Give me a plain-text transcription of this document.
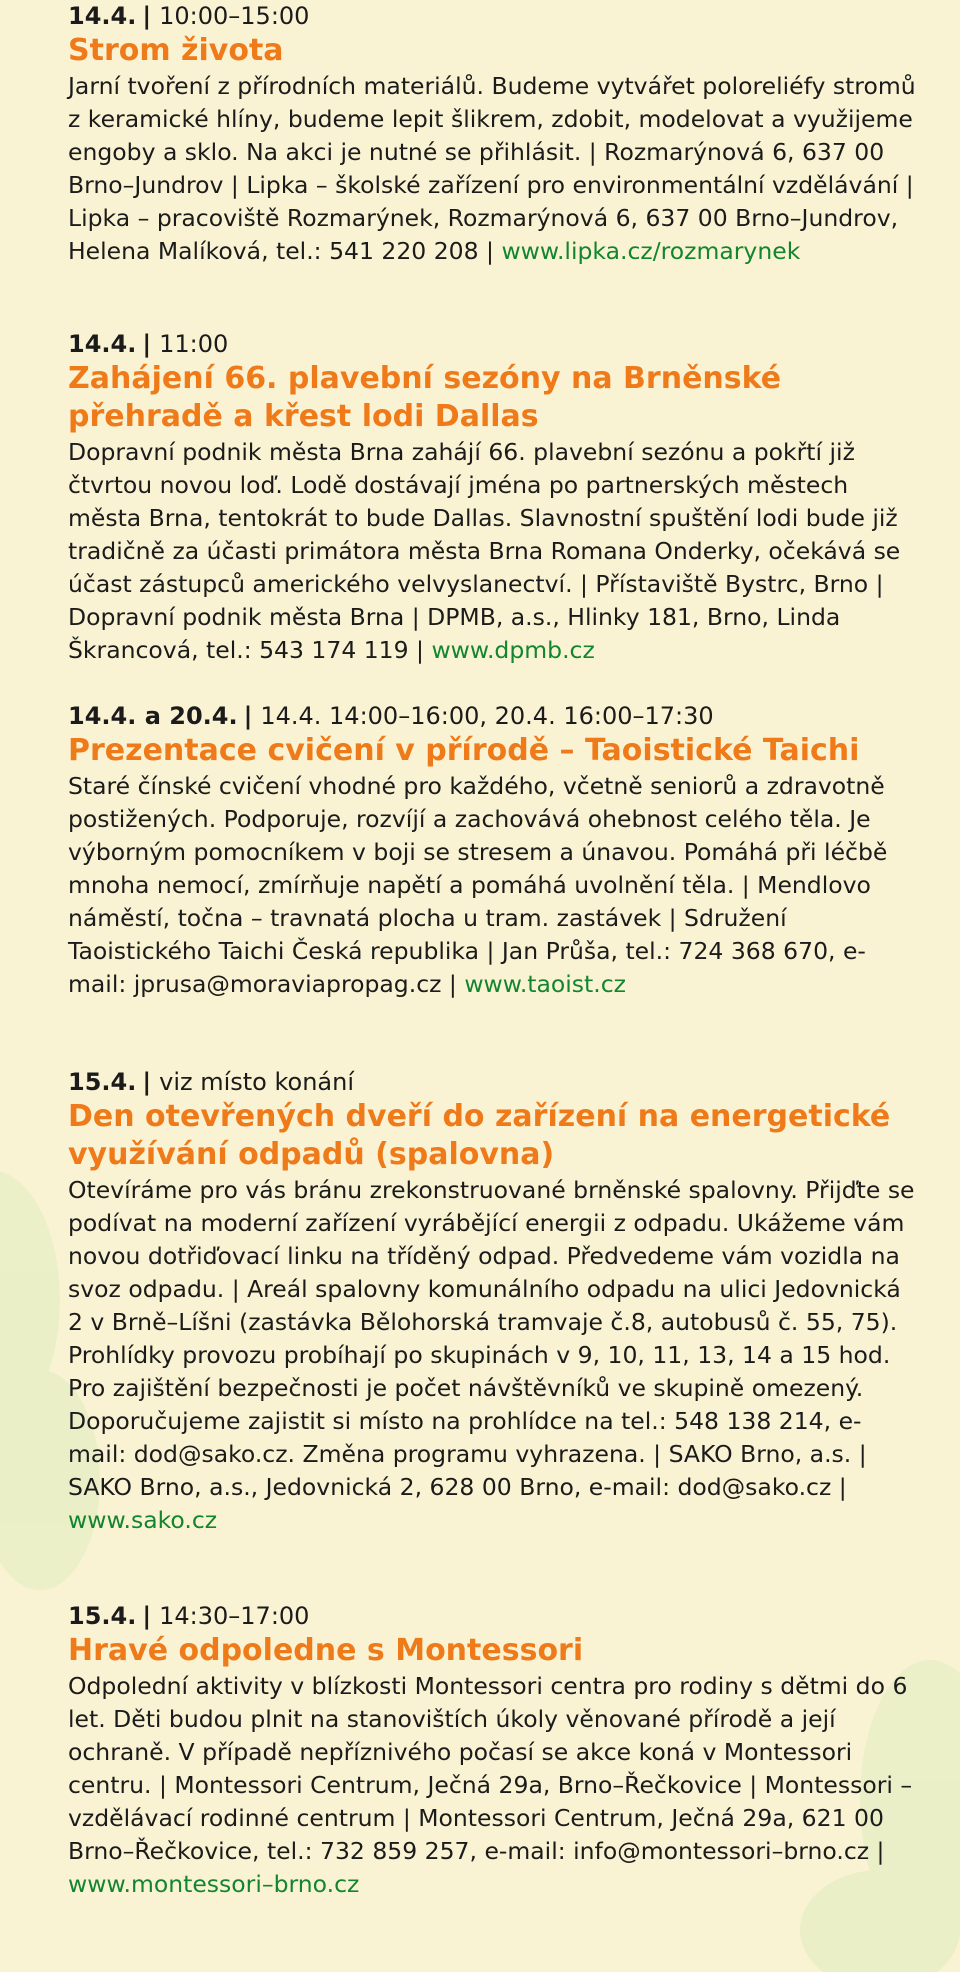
14.4. | 10:00–15:00

Strom života

Jarní tvoření z přírodních materiálů. Budeme vytvářet poloreliéfy stromů z keramické hlíny, budeme lepit šlikrem, zdobit, modelovat a využijeme engoby a sklo. Na akci je nutné se přihlásit. | Rozmarýnová 6, 637 00 Brno–Jundrov | Lipka – školské zařízení pro environmentální vzdělávání | Lipka – pracoviště Rozmarýnek, Rozmarýnová 6, 637 00 Brno–Jundrov, Helena Malíková, tel.: 541 220 208 | www.lipka.cz/rozmarynek

14.4. | 11:00

Zahájení 66. plavební sezóny na Brněnské přehradě a křest lodi Dallas

Dopravní podnik města Brna zahájí 66. plavební sezónu a pokřtí již čtvrtou novou loď. Lodě dostávají jména po partnerských městech města Brna, tentokrát to bude Dallas. Slavnostní spuštění lodi bude již tradičně za účasti primátora města Brna Romana Onderky, očekává se účast zástupců amerického velvyslanectví. | Přístaviště Bystrc, Brno | Dopravní podnik města Brna | DPMB, a.s., Hlinky 181, Brno, Linda Škrancová, tel.: 543 174 119 | www.dpmb.cz

14.4. a 20.4. | 14.4. 14:00–16:00, 20.4. 16:00–17:30

Prezentace cvičení v přírodě – Taoistické Taichi

Staré čínské cvičení vhodné pro každého, včetně seniorů a zdravotně postižených. Podporuje, rozvíjí a zachovává ohebnost celého těla. Je výborným pomocníkem v boji se stresem a únavou. Pomáhá při léčbě mnoha nemocí, zmírňuje napětí a pomáhá uvolnění těla. | Mendlovo náměstí, točna – travnatá plocha u tram. zastávek | Sdružení Taoistického Taichi Česká republika | Jan Průša, tel.: 724 368 670, e-mail: jprusa@moraviapropag.cz | www.taoist.cz

15.4. | viz místo konání

Den otevřených dveří do zařízení na energetické využívání odpadů (spalovna)

Otevíráme pro vás bránu zrekonstruované brněnské spalovny. Přijďte se podívat na moderní zařízení vyrábějící energii z odpadu. Ukážeme vám novou dotřiďovací linku na tříděný odpad. Předvedeme vám vozidla na svoz odpadu. | Areál spalovny komunálního odpadu na ulici Jedovnická 2 v Brně–Líšni (zastávka Bělohorská tramvaje č.8, autobusů č. 55, 75). Prohlídky provozu probíhají po skupinách v 9, 10, 11, 13, 14 a 15 hod. Pro zajištění bezpečnosti je počet návštěvníků ve skupině omezený. Doporučujeme zajistit si místo na prohlídce na tel.: 548 138 214, e-mail: dod@sako.cz. Změna programu vyhrazena. | SAKO Brno, a.s. | SAKO Brno, a.s., Jedovnická 2, 628 00 Brno, e-mail: dod@sako.cz | www.sako.cz

15.4. | 14:30–17:00

Hravé odpoledne s Montessori

Odpolední aktivity v blízkosti Montessori centra pro rodiny s dětmi do 6 let. Děti budou plnit na stanovištích úkoly věnované přírodě a její ochraně. V případě nepříznivého počasí se akce koná v Montessori centru. | Montessori Centrum, Ječná 29a, Brno–Řečkovice | Montessori – vzdělávací rodinné centrum | Montessori Centrum, Ječná 29a, 621 00 Brno–Řečkovice, tel.: 732 859 257, e-mail: info@montessori–brno.cz | www.montessori–brno.cz
